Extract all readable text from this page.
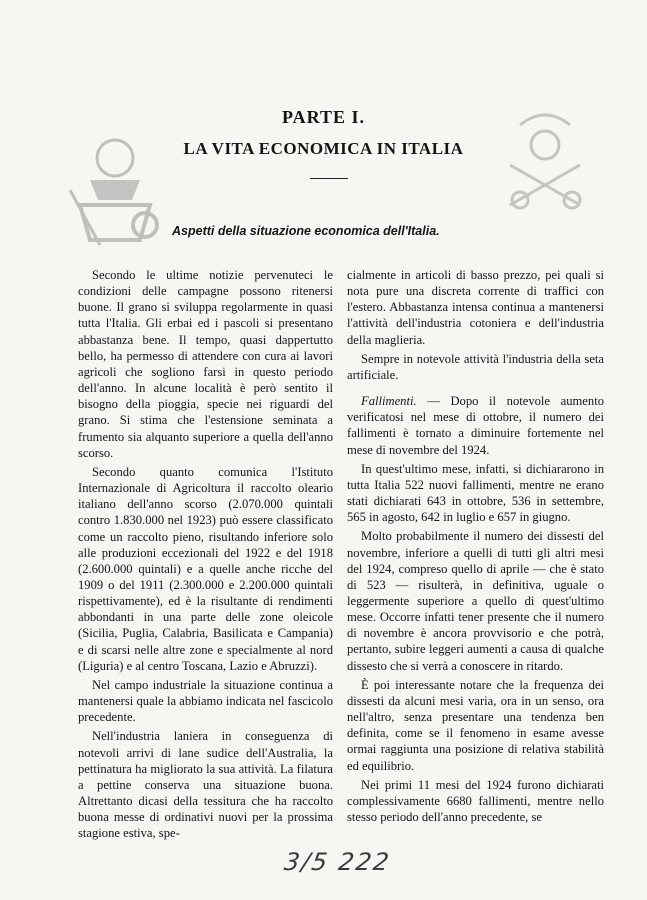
PARTE I.
LA VITA ECONOMICA IN ITALIA
Aspetti della situazione economica dell'Italia.

Secondo le ultime notizie pervenuteci le condizioni delle campagne possono ritenersi buone. Il grano si sviluppa regolarmente in quasi tutta l'Italia. Gli erbai ed i pascoli si presentano abbastanza bene. Il tempo, quasi dappertutto bello, ha permesso di attendere con cura ai lavori agricoli che sogliono farsi in questo periodo dell'anno. In alcune località è però sentito il bisogno della pioggia, specie nei riguardi del grano. Si stima che l'estensione seminata a frumento sia alquanto superiore a quella dell'anno scorso.

Secondo quanto comunica l'Istituto Internazionale di Agricoltura il raccolto oleario italiano dell'anno scorso (2.070.000 quintali contro 1.830.000 nel 1923) può essere classificato come un raccolto pieno, risultando inferiore solo alle produzioni eccezionali del 1922 e del 1918 (2.600.000 quintali) e a quelle anche ricche del 1909 o del 1911 (2.300.000 e 2.200.000 quintali rispettivamente), ed è la risultante di rendimenti abbondanti in una parte delle zone oleicole (Sicilia, Puglia, Calabria, Basilicata e Campania) e di scarsi nelle altre zone e specialmente al nord (Liguria) e al centro Toscana, Lazio e Abruzzi).

Nel campo industriale la situazione continua a mantenersi quale la abbiamo indicata nel fascicolo precedente.

Nell'industria laniera in conseguenza di notevoli arrivi di lane sudice dell'Australia, la pettinatura ha migliorato la sua attività. La filatura a pettine conserva una situazione buona. Altrettanto dicasi della tessitura che ha raccolto buona messe di ordinativi nuovi per la prossima stagione estiva, spe-

cialmente in articoli di basso prezzo, pei quali si nota pure una discreta corrente di traffici con l'estero. Abbastanza intensa continua a mantenersi l'attività dell'industria cotoniera e dell'industria della maglieria.

Sempre in notevole attività l'industria della seta artificiale.

Fallimenti. — Dopo il notevole aumento verificatosi nel mese di ottobre, il numero dei fallimenti è tornato a diminuire fortemente nel mese di novembre del 1924.

In quest'ultimo mese, infatti, si dichiararono in tutta Italia 522 nuovi fallimenti, mentre ne erano stati dichiarati 643 in ottobre, 536 in settembre, 565 in agosto, 642 in luglio e 657 in giugno.

Molto probabilmente il numero dei dissesti del novembre, inferiore a quelli di tutti gli altri mesi del 1924, compreso quello di aprile — che è stato di 523 — risulterà, in definitiva, uguale o leggermente superiore a quello di quest'ultimo mese. Occorre infatti tener presente che il numero di novembre è ancora provvisorio e che potrà, pertanto, subire leggeri aumenti a causa di qualche dissesto che si verrà a conoscere in ritardo.

È poi interessante notare che la frequenza dei dissesti da alcuni mesi varia, ora in un senso, ora nell'altro, senza presentare una tendenza ben definita, come se il fenomeno in esame avesse ormai raggiunta una posizione di relativa stabilità ed equilibrio.

Nei primi 11 mesi del 1924 furono dichiarati complessivamente 6680 fallimenti, mentre nello stesso periodo dell'anno precedente, se

3/5 222
